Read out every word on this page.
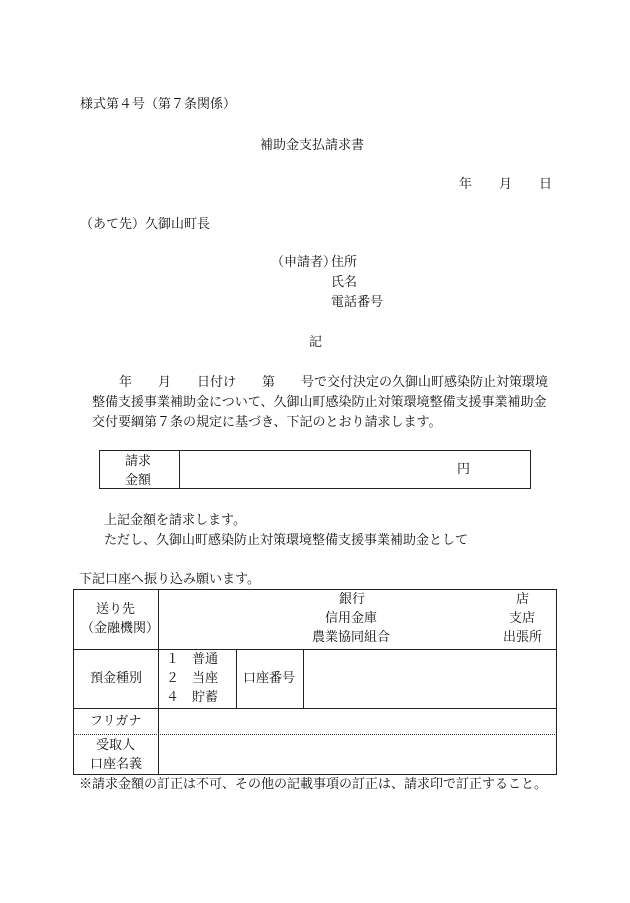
様式第４号（第７条関係）
補助金支払請求書
年 月 日
（あて先）久御山町長
（申請者）
住所
氏名
電話番号
記
年　　月　　日付け　　第　　号で交付決定の久御山町感染防止対策環境
整備支援事業補助金について、久御山町感染防止対策環境整備支援事業補助金
交付要綱第７条の規定に基づき、下記のとおり請求します。
請求
金額
円
上記金額を請求します。
ただし、久御山町感染防止対策環境整備支援事業補助金として
下記口座へ振り込み願います。
送り先
（金融機関）
銀行
信用金庫
農業協同組合
店
支店
出張所
預金種別
１　普通
２　当座
４　貯蓄
口座番号
フリガナ
受取人
口座名義
※請求金額の訂正は不可、その他の記載事項の訂正は、請求印で訂正すること。
